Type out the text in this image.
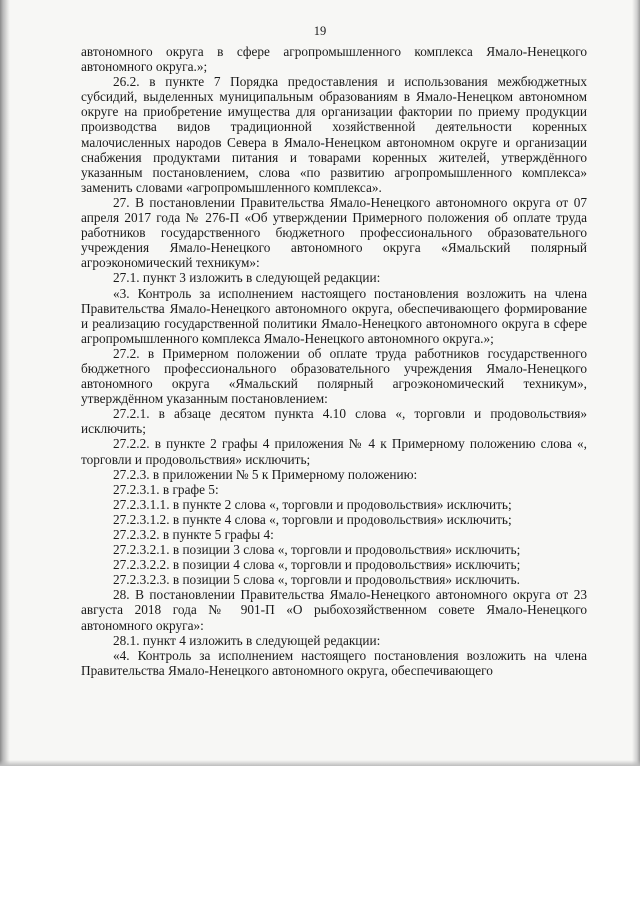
19

автономного округа в сфере агропромышленного комплекса Ямало-Ненецкого автономного округа.»;

26.2. в пункте 7 Порядка предоставления и использования межбюджетных субсидий, выделенных муниципальным образованиям в Ямало-Ненецком автономном округе на приобретение имущества для организации фактории по приему продукции производства видов традиционной хозяйственной деятельности коренных малочисленных народов Севера в Ямало-Ненецком автономном округе и организации снабжения продуктами питания и товарами коренных жителей, утверждённого указанным постановлением, слова «по развитию агропромышленного комплекса» заменить словами «агропромышленного комплекса».

27. В постановлении Правительства Ямало-Ненецкого автономного округа от 07 апреля 2017 года № 276-П «Об утверждении Примерного положения об оплате труда работников государственного бюджетного профессионального образовательного учреждения Ямало-Ненецкого автономного округа «Ямальский полярный агроэкономический техникум»:

27.1. пункт 3 изложить в следующей редакции:

«3. Контроль за исполнением настоящего постановления возложить на члена Правительства Ямало-Ненецкого автономного округа, обеспечивающего формирование и реализацию государственной политики Ямало-Ненецкого автономного округа в сфере агропромышленного комплекса Ямало-Ненецкого автономного округа.»;

27.2. в Примерном положении об оплате труда работников государственного бюджетного профессионального образовательного учреждения Ямало-Ненецкого автономного округа «Ямальский полярный агроэкономический техникум», утверждённом указанным постановлением:

27.2.1. в абзаце десятом пункта 4.10 слова «, торговли и продовольствия» исключить;

27.2.2. в пункте 2 графы 4 приложения № 4 к Примерному положению слова «, торговли и продовольствия» исключить;

27.2.3. в приложении № 5 к Примерному положению:

27.2.3.1. в графе 5:

27.2.3.1.1. в пункте 2 слова «, торговли и продовольствия» исключить;

27.2.3.1.2. в пункте 4 слова «, торговли и продовольствия» исключить;

27.2.3.2. в пункте 5 графы 4:

27.2.3.2.1. в позиции 3 слова «, торговли и продовольствия» исключить;

27.2.3.2.2. в позиции 4 слова «, торговли и продовольствия» исключить;

27.2.3.2.3. в позиции 5 слова «, торговли и продовольствия» исключить.

28. В постановлении Правительства Ямало-Ненецкого автономного округа от 23 августа 2018 года № 901-П «О рыбохозяйственном совете Ямало-Ненецкого автономного округа»:

28.1. пункт 4 изложить в следующей редакции:

«4. Контроль за исполнением настоящего постановления возложить на члена Правительства Ямало-Ненецкого автономного округа, обеспечивающего
